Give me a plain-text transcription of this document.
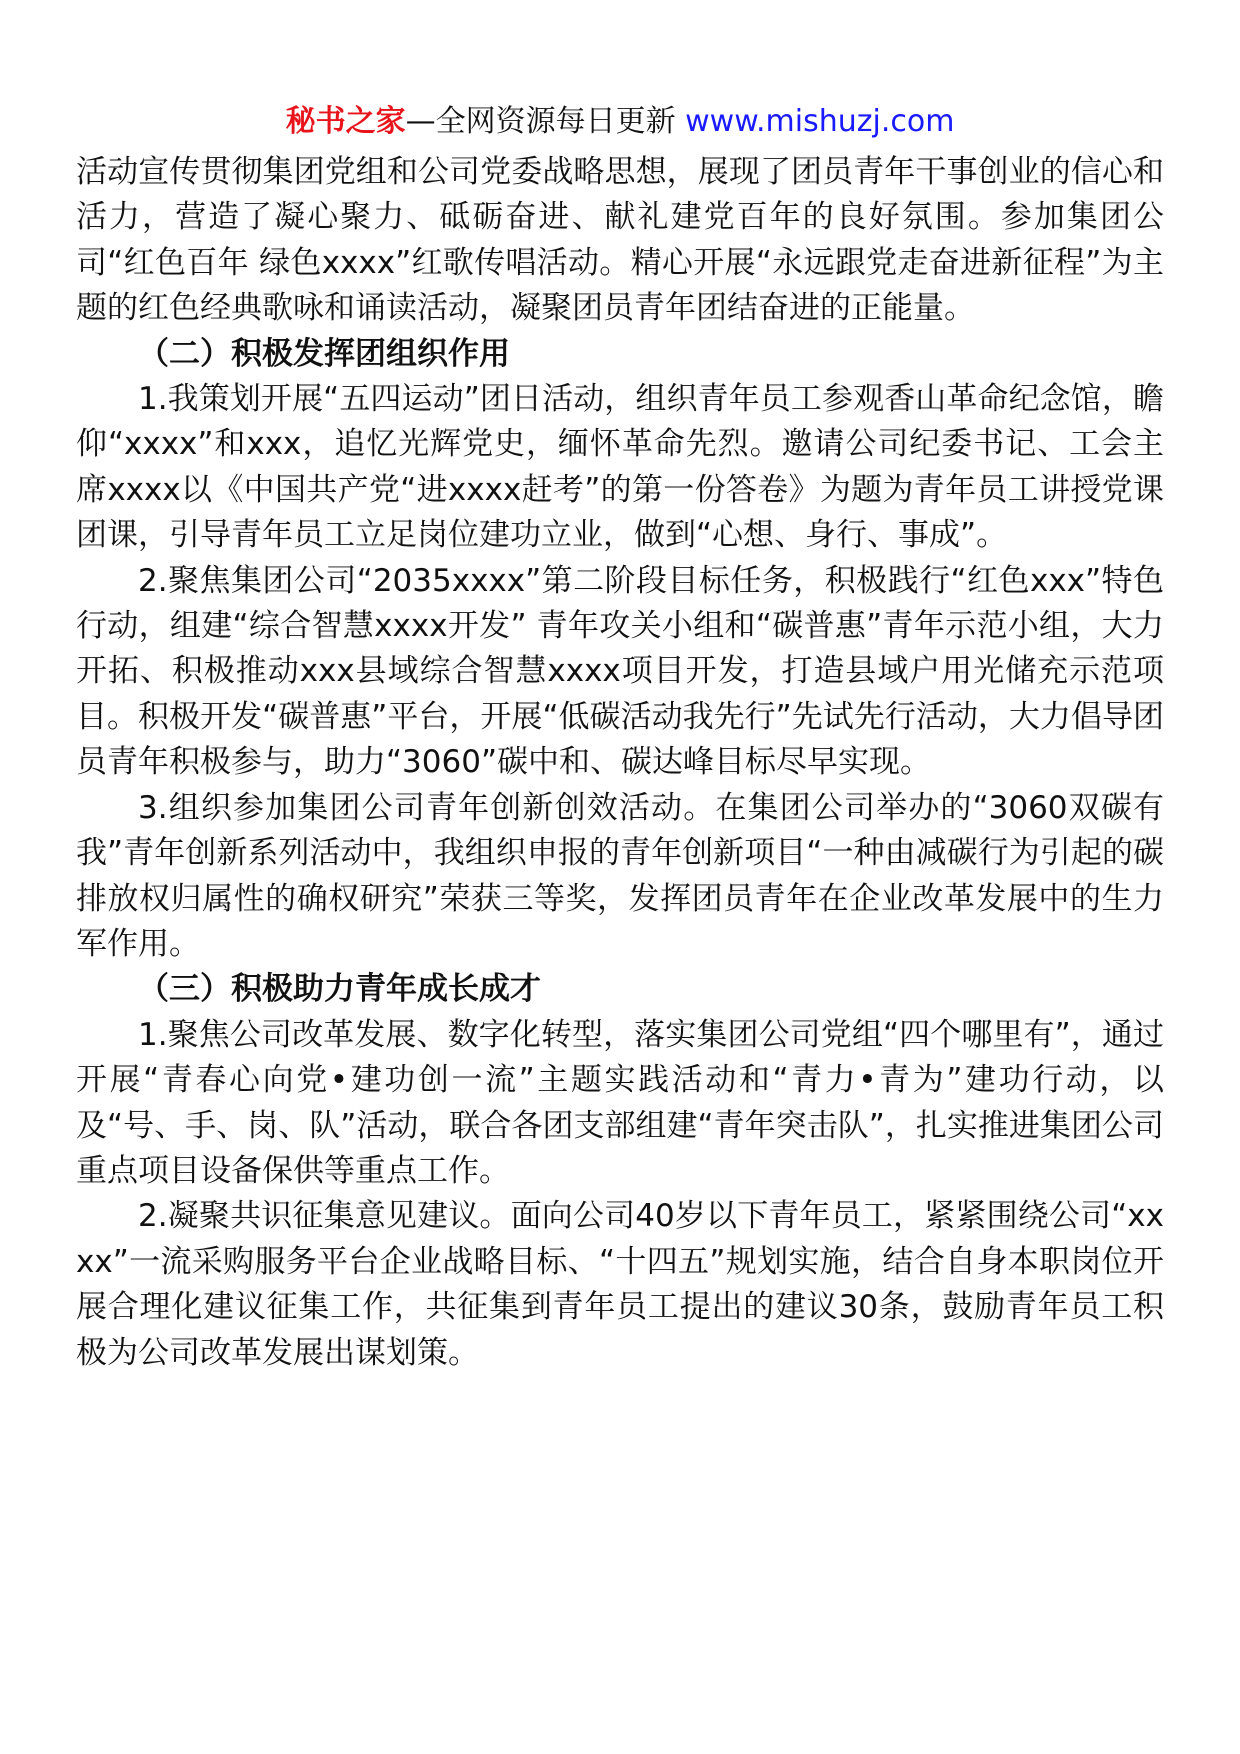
秘书之家—全网资源每日更新 www.mishuzj.com

活动宣传贯彻集团党组和公司党委战略思想，展现了团员青年干事创业的信心和活力，营造了凝心聚力、砥砺奋进、献礼建党百年的良好氛围。参加集团公司“红色百年 绿色xxxx”红歌传唱活动。精心开展“永远跟党走奋进新征程”为主题的红色经典歌咏和诵读活动，凝聚团员青年团结奋进的正能量。

（二）积极发挥团组织作用

1.我策划开展“五四运动”团日活动，组织青年员工参观香山革命纪念馆，瞻仰“xxxx”和xxx，追忆光辉党史，缅怀革命先烈。邀请公司纪委书记、工会主席xxxx以《中国共产党“进xxxx赶考”的第一份答卷》为题为青年员工讲授党课团课，引导青年员工立足岗位建功立业，做到“心想、身行、事成”。

2.聚焦集团公司“2035xxxx”第二阶段目标任务，积极践行“红色xxx”特色行动，组建“综合智慧xxxx开发” 青年攻关小组和“碳普惠”青年示范小组，大力开拓、积极推动xxx县域综合智慧xxxx项目开发，打造县域户用光储充示范项目。积极开发“碳普惠”平台，开展“低碳活动我先行”先试先行活动，大力倡导团员青年积极参与，助力“3060”碳中和、碳达峰目标尽早实现。

3.组织参加集团公司青年创新创效活动。在集团公司举办的“3060双碳有我”青年创新系列活动中，我组织申报的青年创新项目“一种由减碳行为引起的碳排放权归属性的确权研究”荣获三等奖，发挥团员青年在企业改革发展中的生力军作用。

（三）积极助力青年成长成才

1.聚焦公司改革发展、数字化转型，落实集团公司党组“四个哪里有”，通过开展“青春心向党•建功创一流”主题实践活动和“青力•青为”建功行动，以及“号、手、岗、队”活动，联合各团支部组建“青年突击队”，扎实推进集团公司重点项目设备保供等重点工作。

2.凝聚共识征集意见建议。面向公司40岁以下青年员工，紧紧围绕公司“xxxx”一流采购服务平台企业战略目标、“十四五”规划实施，结合自身本职岗位开展合理化建议征集工作，共征集到青年员工提出的建议30条，鼓励青年员工积极为公司改革发展出谋划策。
